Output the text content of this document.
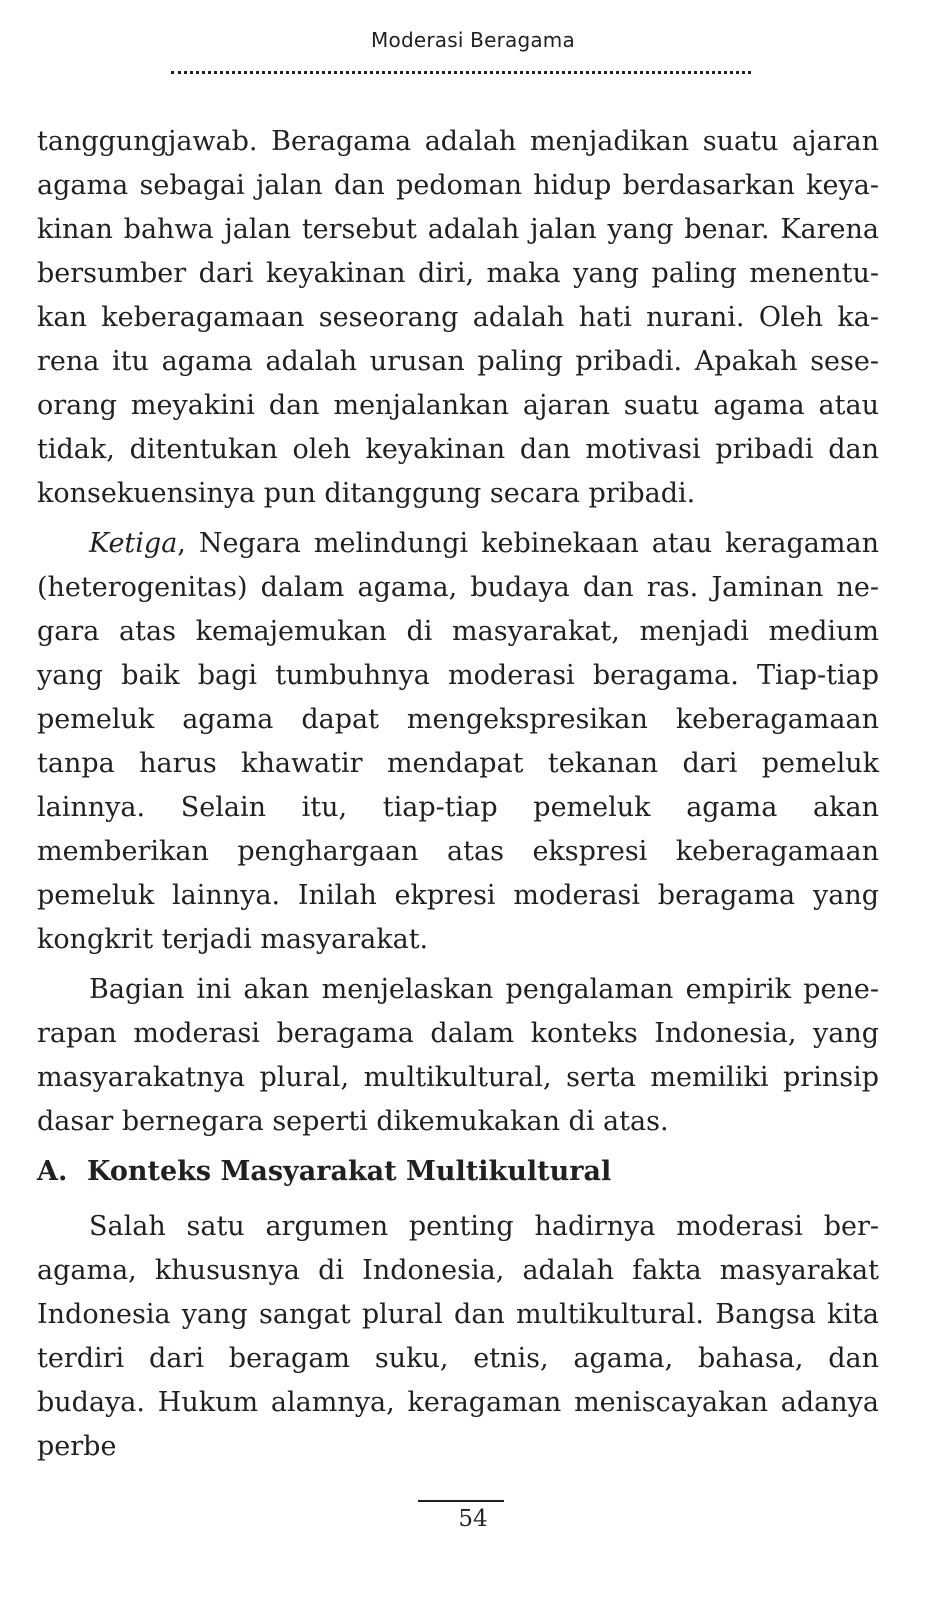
Moderasi Beragama

tanggungjawab. Beragama adalah menjadikan suatu ajaran agama sebagai jalan dan pedoman hidup berdasarkan keyakinan bahwa jalan tersebut adalah jalan yang benar. Karena bersumber dari keyakinan diri, maka yang paling menentukan keberagamaan seseorang adalah hati nurani. Oleh karena itu agama adalah urusan paling pribadi. Apakah seseorang meyakini dan menjalankan ajaran suatu agama atau tidak, ditentukan oleh keyakinan dan motivasi pribadi dan konsekuensinya pun ditanggung secara pribadi.

Ketiga, Negara melindungi kebinekaan atau keragaman (heterogenitas) dalam agama, budaya dan ras. Jaminan negara atas kemajemukan di masyarakat, menjadi medium yang baik bagi tumbuhnya moderasi beragama. Tiap-tiap pemeluk agama dapat mengekspresikan keberagamaan tanpa harus khawatir mendapat tekanan dari pemeluk lainnya. Selain itu, tiap-tiap pemeluk agama akan memberikan penghargaan atas ekspresi keberagamaan pemeluk lainnya. Inilah ekpresi moderasi beragama yang kongkrit terjadi masyarakat.

Bagian ini akan menjelaskan pengalaman empirik penerapan moderasi beragama dalam konteks Indonesia, yang masyarakatnya plural, multikultural, serta memiliki prinsip dasar bernegara seperti dikemukakan di atas.

A. Konteks Masyarakat Multikultural

Salah satu argumen penting hadirnya moderasi beragama, khususnya di Indonesia, adalah fakta masyarakat Indonesia yang sangat plural dan multikultural. Bangsa kita terdiri dari beragam suku, etnis, agama, bahasa, dan budaya. Hukum alamnya, keragaman meniscayakan adanya perbe

54
